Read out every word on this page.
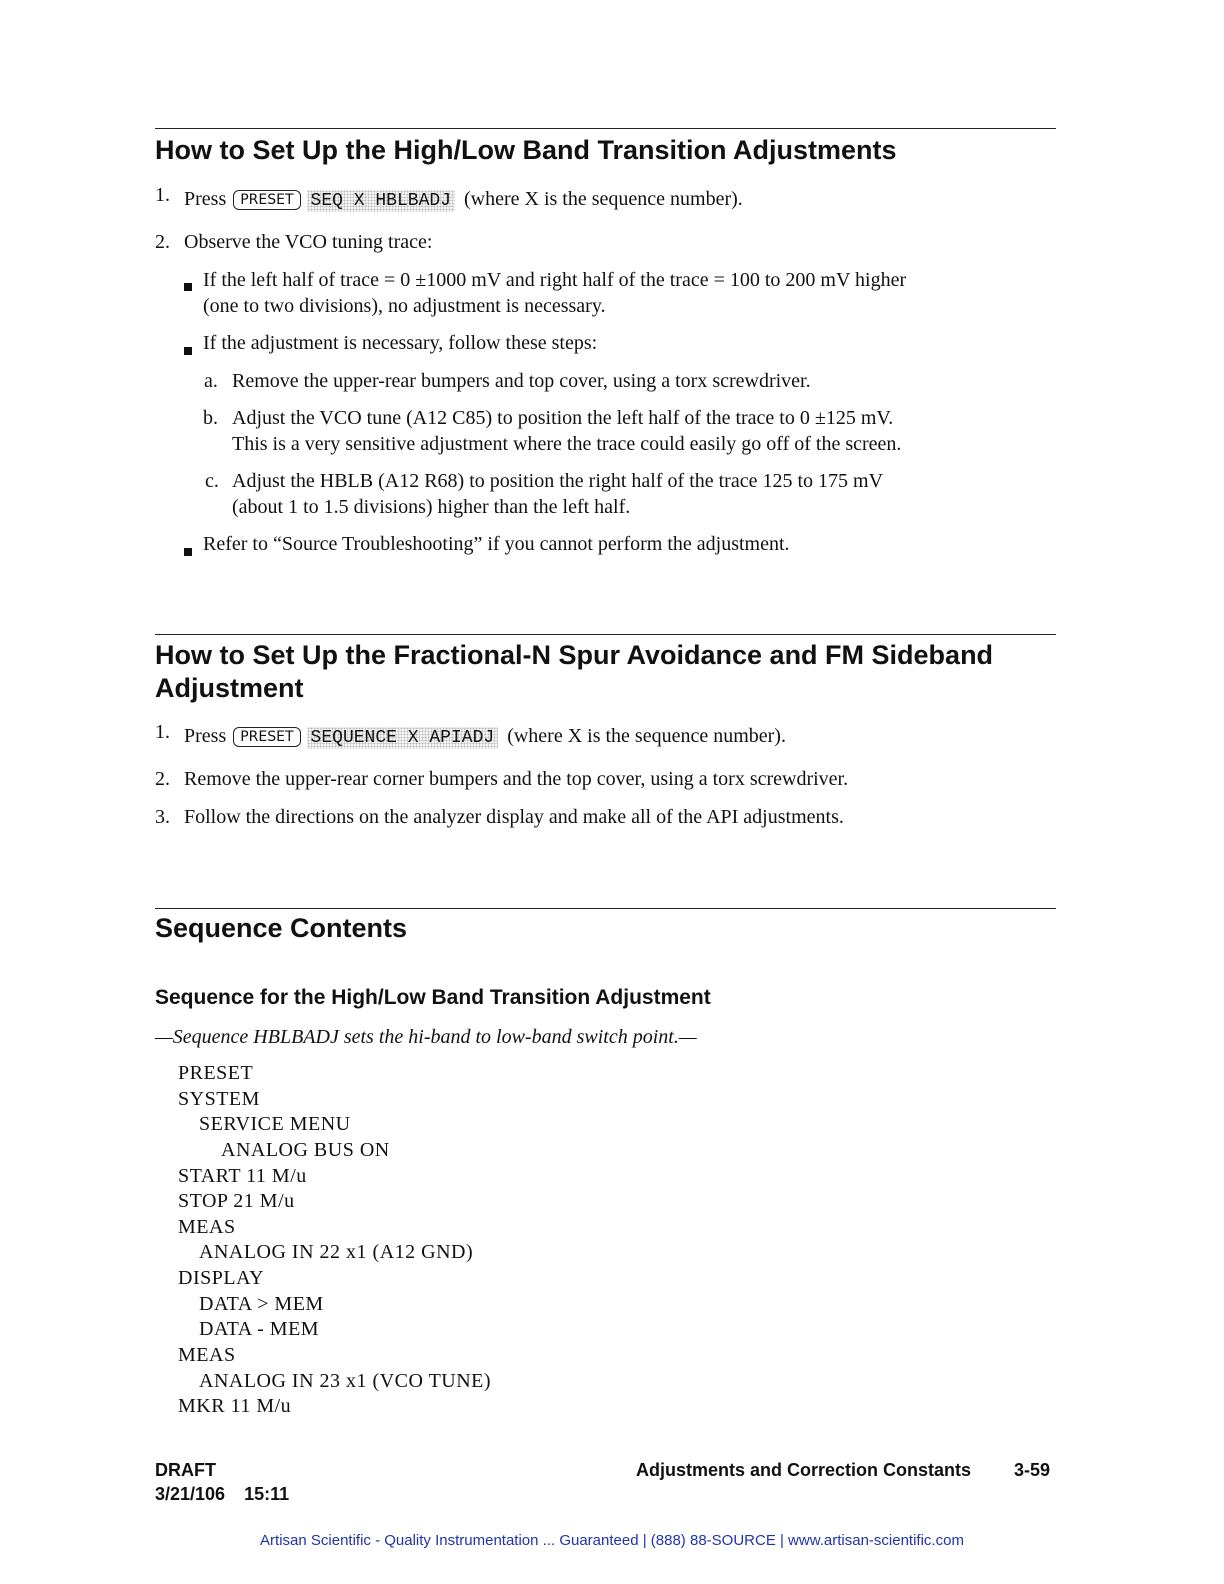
How to Set Up the High/Low Band Transition Adjustments
1. Press PRESET SEQ X HBLBADJ (where X is the sequence number).
2. Observe the VCO tuning trace:
If the left half of trace = 0 ±1000 mV and right half of the trace = 100 to 200 mV higher
(one to two divisions), no adjustment is necessary.
If the adjustment is necessary, follow these steps:
a. Remove the upper-rear bumpers and top cover, using a torx screwdriver.
b. Adjust the VCO tune (A12 C85) to position the left half of the trace to 0 ±125 mV.
This is a very sensitive adjustment where the trace could easily go off of the screen.
c. Adjust the HBLB (A12 R68) to position the right half of the trace 125 to 175 mV
(about 1 to 1.5 divisions) higher than the left half.
Refer to “Source Troubleshooting” if you cannot perform the adjustment.
How to Set Up the Fractional-N Spur Avoidance and FM Sideband
Adjustment
1. Press PRESET SEQUENCE X APIADJ (where X is the sequence number).
2. Remove the upper-rear corner bumpers and the top cover, using a torx screwdriver.
3. Follow the directions on the analyzer display and make all of the API adjustments.
Sequence Contents
Sequence for the High/Low Band Transition Adjustment
—Sequence HBLBADJ sets the hi-band to low-band switch point.—
PRESET
SYSTEM
SERVICE MENU
ANALOG BUS ON
START 11 M/u
STOP 21 M/u
MEAS
ANALOG IN 22 x1 (A12 GND)
DISPLAY
DATA > MEM
DATA - MEM
MEAS
ANALOG IN 23 x1 (VCO TUNE)
MKR 11 M/u
DRAFT
3/21/106 15:11
Adjustments and Correction Constants 3-59
Artisan Scientific - Quality Instrumentation ... Guaranteed | (888) 88-SOURCE | www.artisan-scientific.com
